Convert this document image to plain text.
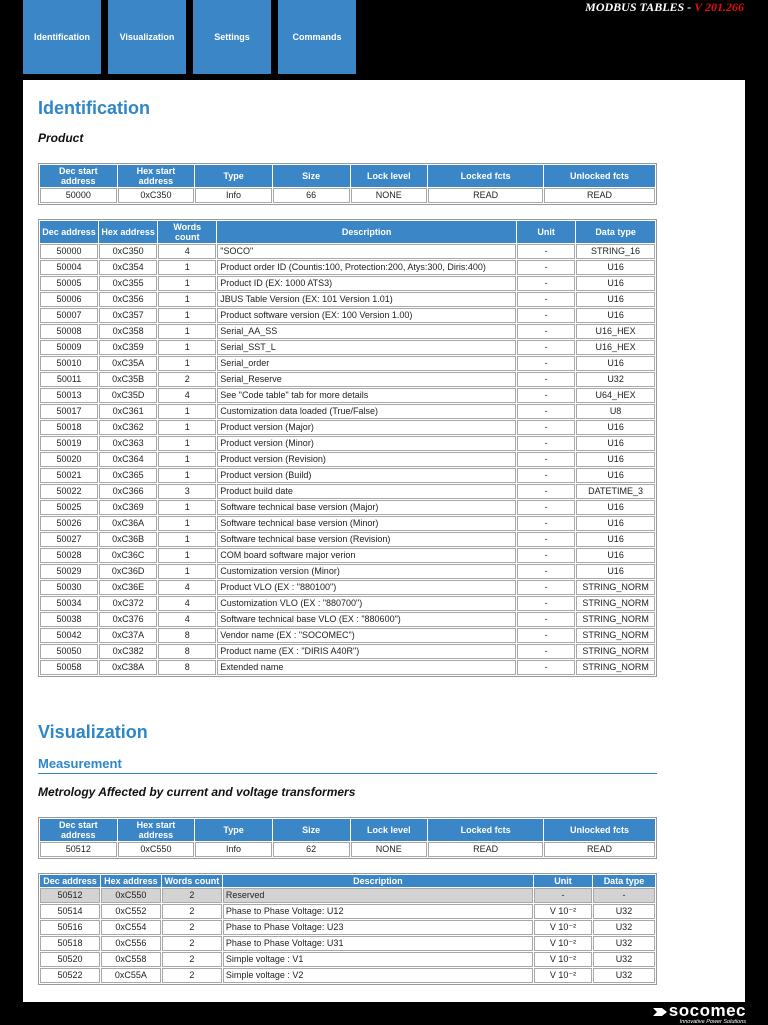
Identification	Visualization	Settings	Commands
MODBUS TABLES - V 201.266
Identification
Product
Dec start address	Hex start address	Type	Size	Lock level	Locked fcts	Unlocked fcts
50000	0xC350	Info	66	NONE	READ	READ
Dec address	Hex address	Words count	Description	Unit	Data type
50000	0xC350	4	"SOCO"	-	STRING_16
50004	0xC354	1	Product order ID (Countis:100, Protection:200, Atys:300, Diris:400)	-	U16
50005	0xC355	1	Product ID (EX: 1000 ATS3)	-	U16
50006	0xC356	1	JBUS Table Version (EX: 101 Version 1.01)	-	U16
50007	0xC357	1	Product software version (EX: 100 Version 1.00)	-	U16
50008	0xC358	1	Serial_AA_SS	-	U16_HEX
50009	0xC359	1	Serial_SST_L	-	U16_HEX
50010	0xC35A	1	Serial_order	-	U16
50011	0xC35B	2	Serial_Reserve	-	U32
50013	0xC35D	4	See "Code table" tab for more details	-	U64_HEX
50017	0xC361	1	Customization data loaded (True/False)	-	U8
50018	0xC362	1	Product version (Major)	-	U16
50019	0xC363	1	Product version (Minor)	-	U16
50020	0xC364	1	Product version (Revision)	-	U16
50021	0xC365	1	Product version (Build)	-	U16
50022	0xC366	3	Product build date	-	DATETIME_3
50025	0xC369	1	Software technical base version (Major)	-	U16
50026	0xC36A	1	Software technical base version (Minor)	-	U16
50027	0xC36B	1	Software technical base version (Revision)	-	U16
50028	0xC36C	1	COM board software major verion	-	U16
50029	0xC36D	1	Customization version (Minor)	-	U16
50030	0xC36E	4	Product VLO (EX : "880100")	-	STRING_NORM
50034	0xC372	4	Customization VLO (EX : "880700")	-	STRING_NORM
50038	0xC376	4	Software technical base VLO (EX : "880600")	-	STRING_NORM
50042	0xC37A	8	Vendor name (EX : "SOCOMEC")	-	STRING_NORM
50050	0xC382	8	Product name (EX : "DIRIS A40R")	-	STRING_NORM
50058	0xC38A	8	Extended name	-	STRING_NORM
Visualization
Measurement
Metrology Affected by current and voltage transformers
Dec start address	Hex start address	Type	Size	Lock level	Locked fcts	Unlocked fcts
50512	0xC550	Info	62	NONE	READ	READ
Dec address	Hex address	Words count	Description	Unit	Data type
50512	0xC550	2	Reserved	-	-
50514	0xC552	2	Phase to Phase Voltage: U12	V 10⁻²	U32
50516	0xC554	2	Phase to Phase Voltage: U23	V 10⁻²	U32
50518	0xC556	2	Phase to Phase Voltage: U31	V 10⁻²	U32
50520	0xC558	2	Simple voltage : V1	V 10⁻²	U32
50522	0xC55A	2	Simple voltage : V2	V 10⁻²	U32
socomec
Innovative Power Solutions
